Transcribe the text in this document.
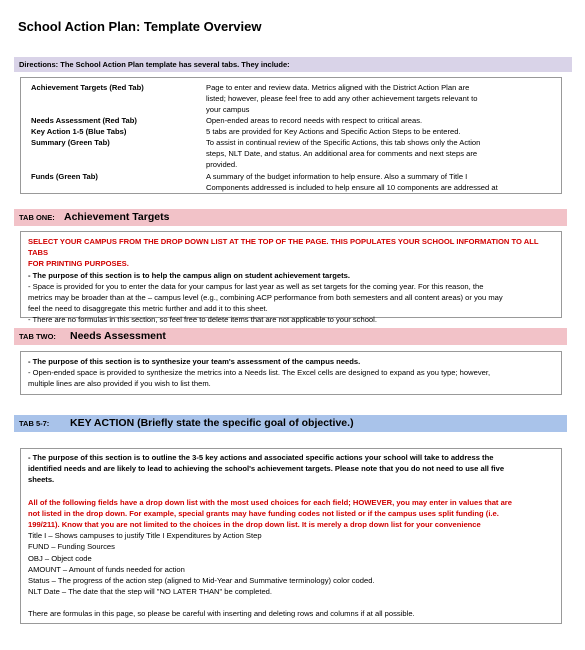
School Action Plan: Template Overview
Directions: The School Action Plan template has several tabs. They include:
Achievement Targets (Red Tab)	Page to enter and review data. Metrics aligned with the District Action Plan are
listed; however, please feel free to add any other achievement targets relevant to
your campus
Needs Assessment (Red Tab)	Open-ended areas to record needs with respect to critical areas.
Key Action 1-5 (Blue Tabs)	5 tabs are provided for Key Actions and Specific Action Steps to be entered.
Summary (Green Tab)	To assist in continual review of the Specific Actions, this tab shows only the Action
steps, NLT Date, and status. An additional area for comments and next steps are
provided.
Funds (Green Tab)	A summary of the budget information to help ensure. Also a summary of Title I
Components addressed is included to help ensure all 10 components are addressed at
TAB ONE: Achievement Targets
SELECT YOUR CAMPUS FROM THE DROP DOWN LIST AT THE TOP OF THE PAGE. THIS POPULATES YOUR SCHOOL INFORMATION TO ALL TABS
FOR PRINTING PURPOSES.
- The purpose of this section is to help the campus align on student achievement targets.
- Space is provided for you to enter the data for your campus for last year as well as set targets for the coming year. For this reason, the
metrics may be broader than at the – campus level (e.g., combining ACP performance from both semesters and all content areas) or you may
feel the need to disaggregate this metric further and add it to this sheet.
- There are no formulas in this section, so feel free to delete items that are not applicable to your school.
TAB TWO: Needs Assessment
- The purpose of this section is to synthesize your team's assessment of the campus needs.
- Open-ended space is provided to synthesize the metrics into a Needs list. The Excel cells are designed to expand as you type; however,
multiple lines are also provided if you wish to list them.
TAB 5-7: KEY ACTION (Briefly state the specific goal of objective.)
- The purpose of this section is to outline the 3-5 key actions and associated specific actions your school will take to address the
identified needs and are likely to lead to achieving the school's achievement targets. Please note that you do not need to use all five
sheets.
All of the following fields have a drop down list with the most used choices for each field; HOWEVER, you may enter in values that are
not listed in the drop down. For example, special grants may have funding codes not listed or if the campus uses split funding (i.e.
199/211). Know that you are not limited to the choices in the drop down list. It is merely a drop down list for your convenience
Title I – Shows campuses to justify Title I Expenditures by Action Step
FUND – Funding Sources
OBJ – Object code
AMOUNT – Amount of funds needed for action
Status – The progress of the action step (aligned to Mid-Year and Summative terminology) color coded.
NLT Date – The date that the step will "NO LATER THAN" be completed.
There are formulas in this page, so please be careful with inserting and deleting rows and columns if at all possible.
